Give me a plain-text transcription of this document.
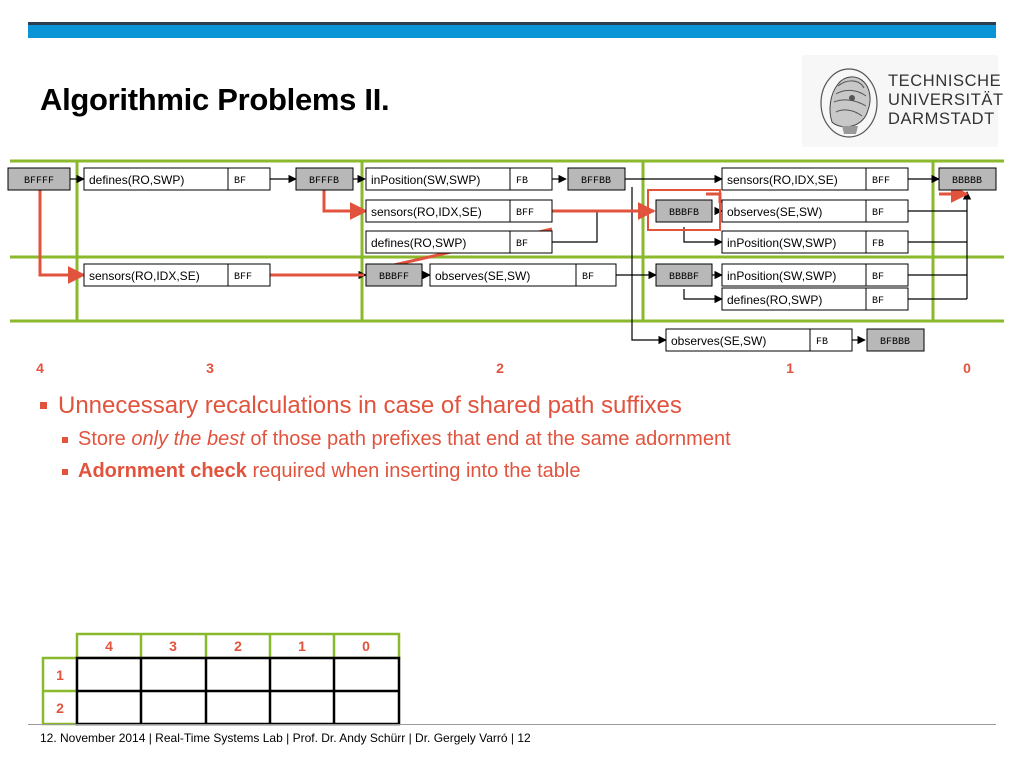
Algorithmic Problems II.
TECHNISCHE
UNIVERSITÄT
DARMSTADT
BFFFF	BFFFB	BFFBB	BBBBB
BBBFB
BBBFF	BBBBF
BFBBB
defines(RO,SWP)	BF	inPosition(SW,SWP)	FB
sensors(RO,IDX,SE)	BFF
sensors(RO,IDX,SE)	BFF	observes(SE,SW)	BF
defines(RO,SWP)	BF	inPosition(SW,SWP)	FB
sensors(RO,IDX,SE)	BFF
observes(SE,SW)	BF
inPosition(SW,SWP)	BF
defines(RO,SWP)	BF
observes(SE,SW)	FB
4	3	2	1	0
4	3	2	1	0
1
2
Unnecessary recalculations in case of shared path suffixes
Store only the best of those path prefixes that end at the same adornment
Adornment check required when inserting into the table
12. November 2014 | Real-Time Systems Lab | Prof. Dr. Andy Schürr | Dr. Gergely Varró | 12
